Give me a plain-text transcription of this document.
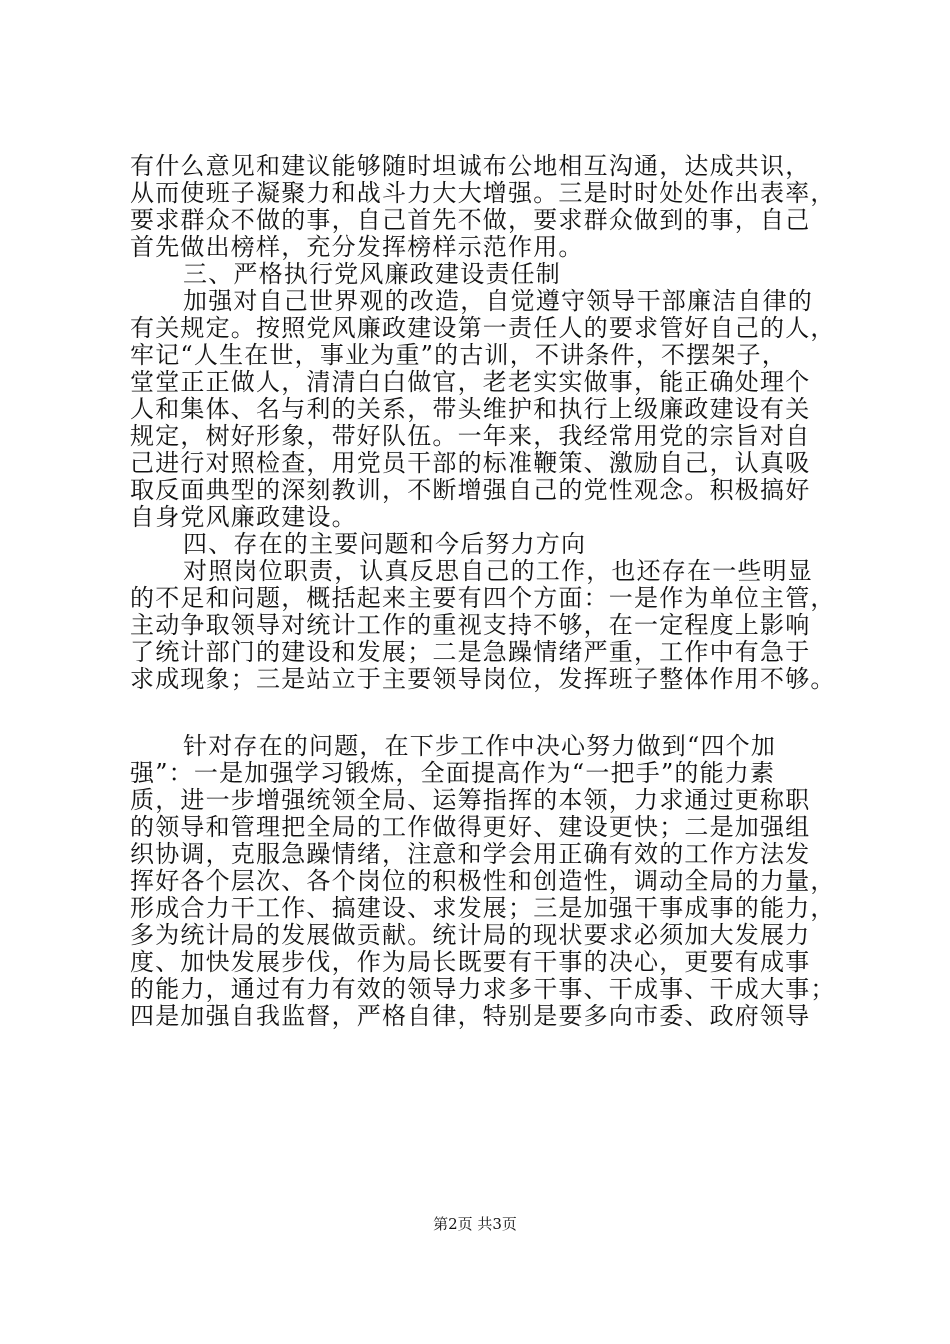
有什么意见和建议能够随时坦诚布公地相互沟通，达成共识，
从而使班子凝聚力和战斗力大大增强。三是时时处处作出表率，
要求群众不做的事，自己首先不做，要求群众做到的事，自己
首先做出榜样，充分发挥榜样示范作用。
三、严格执行党风廉政建设责任制
加强对自己世界观的改造，自觉遵守领导干部廉洁自律的
有关规定。按照党风廉政建设第一责任人的要求管好自己的人，
牢记“人生在世，事业为重”的古训，不讲条件，不摆架子，
堂堂正正做人，清清白白做官，老老实实做事，能正确处理个
人和集体、名与利的关系，带头维护和执行上级廉政建设有关
规定，树好形象，带好队伍。一年来，我经常用党的宗旨对自
己进行对照检查，用党员干部的标准鞭策、激励自己，认真吸
取反面典型的深刻教训，不断增强自己的党性观念。积极搞好
自身党风廉政建设。
四、存在的主要问题和今后努力方向
对照岗位职责，认真反思自己的工作，也还存在一些明显
的不足和问题，概括起来主要有四个方面：一是作为单位主管，
主动争取领导对统计工作的重视支持不够，在一定程度上影响
了统计部门的建设和发展；二是急躁情绪严重，工作中有急于
求成现象；三是站立于主要领导岗位，发挥班子整体作用不够。
针对存在的问题，在下步工作中决心努力做到“四个加
强”：一是加强学习锻炼，全面提高作为“一把手”的能力素
质，进一步增强统领全局、运筹指挥的本领，力求通过更称职
的领导和管理把全局的工作做得更好、建设更快；二是加强组
织协调，克服急躁情绪，注意和学会用正确有效的工作方法发
挥好各个层次、各个岗位的积极性和创造性，调动全局的力量，
形成合力干工作、搞建设、求发展；三是加强干事成事的能力，
多为统计局的发展做贡献。统计局的现状要求必须加大发展力
度、加快发展步伐，作为局长既要有干事的决心，更要有成事
的能力，通过有力有效的领导力求多干事、干成事、干成大事；
四是加强自我监督，严格自律，特别是要多向市委、政府领导
第2页 共3页
